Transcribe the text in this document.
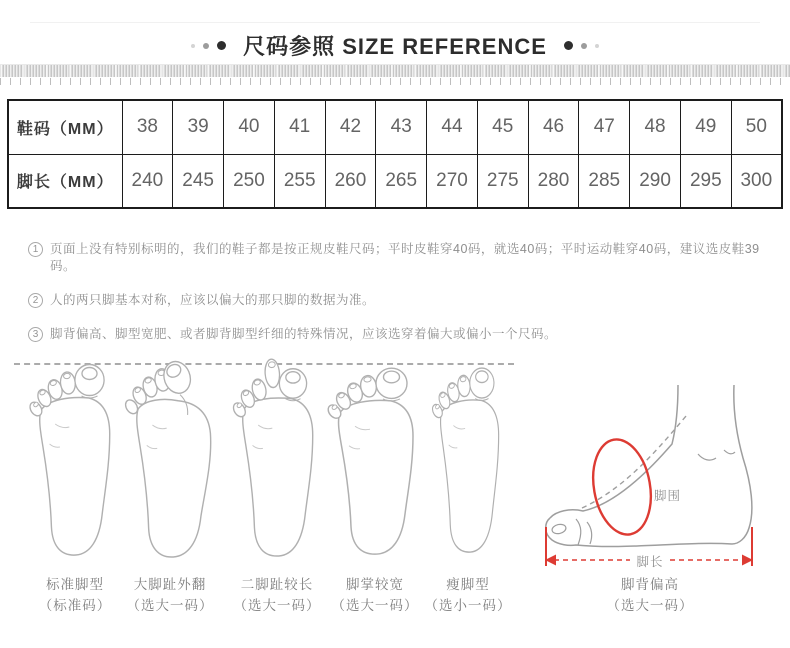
尺码参照 SIZE REFERENCE
鞋码（MM）	38	39	40	41	42	43	44	45	46	47	48	49	50
脚长（MM）	240	245	250	255	260	265	270	275	280	285	290	295	300
1 页面上没有特别标明的，我们的鞋子都是按正规皮鞋尺码；平时皮鞋穿40码，就选40码；平时运动鞋穿40码，建议选皮鞋39码。
2 人的两只脚基本对称，应该以偏大的那只脚的数据为准。
3 脚背偏高、脚型宽肥、或者脚背脚型纤细的特殊情况，应该选穿着偏大或偏小一个尺码。
脚围
脚长
标准脚型
（标准码）
大脚趾外翻
（选大一码）
二脚趾较长
（选大一码）
脚掌较宽
（选大一码）
瘦脚型
（选小一码）
脚背偏高
（选大一码）
